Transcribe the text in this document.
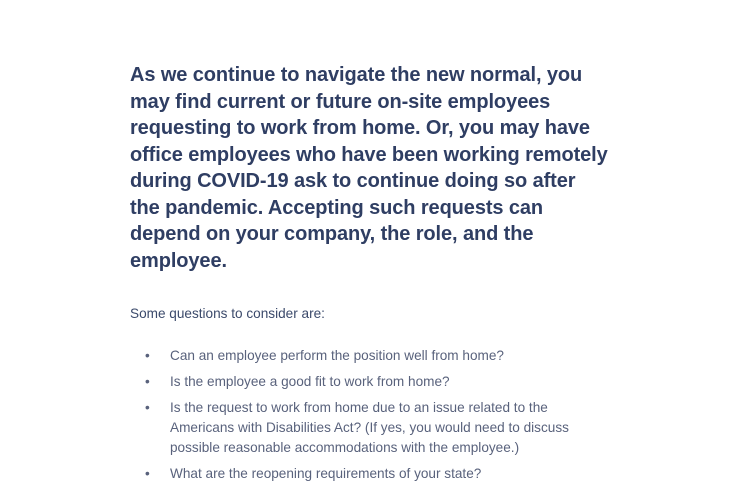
As we continue to navigate the new normal, you may find current or future on-site employees requesting to work from home. Or, you may have office employees who have been working remotely during COVID-19 ask to continue doing so after the pandemic. Accepting such requests can depend on your company, the role, and the employee.

Some questions to consider are:

• Can an employee perform the position well from home?
• Is the employee a good fit to work from home?
• Is the request to work from home due to an issue related to the Americans with Disabilities Act? (If yes, you would need to discuss possible reasonable accommodations with the employee.)
• What are the reopening requirements of your state?
